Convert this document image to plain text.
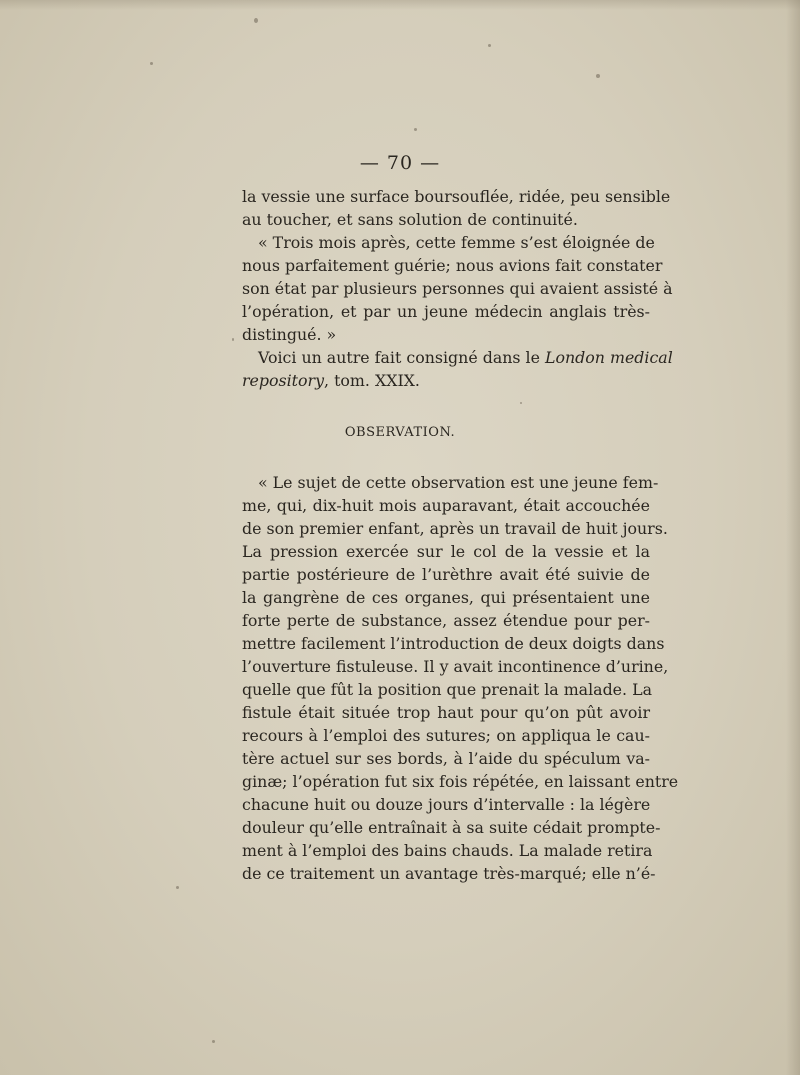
— 70 —
la vessie une surface boursouflée, ridée, peu sensible
au toucher, et sans solution de continuité.
« Trois mois après, cette femme s’est éloignée de
nous parfaitement guérie; nous avions fait constater
son état par plusieurs personnes qui avaient assisté à
l’opération, et par un jeune médecin anglais très-
distingué. »
Voici un autre fait consigné dans le London medical
repository, tom. XXIX.
OBSERVATION.
« Le sujet de cette observation est une jeune fem-
me, qui, dix-huit mois auparavant, était accouchée
de son premier enfant, après un travail de huit jours.
La pression exercée sur le col de la vessie et la
partie postérieure de l’urèthre avait été suivie de
la gangrène de ces organes, qui présentaient une
forte perte de substance, assez étendue pour per-
mettre facilement l’introduction de deux doigts dans
l’ouverture fistuleuse. Il y avait incontinence d’urine,
quelle que fût la position que prenait la malade. La
fistule était située trop haut pour qu’on pût avoir
recours à l’emploi des sutures; on appliqua le cau-
tère actuel sur ses bords, à l’aide du spéculum va-
ginæ; l’opération fut six fois répétée, en laissant entre
chacune huit ou douze jours d’intervalle : la légère
douleur qu’elle entraînait à sa suite cédait prompte-
ment à l’emploi des bains chauds. La malade retira
de ce traitement un avantage très-marqué; elle n’é-
